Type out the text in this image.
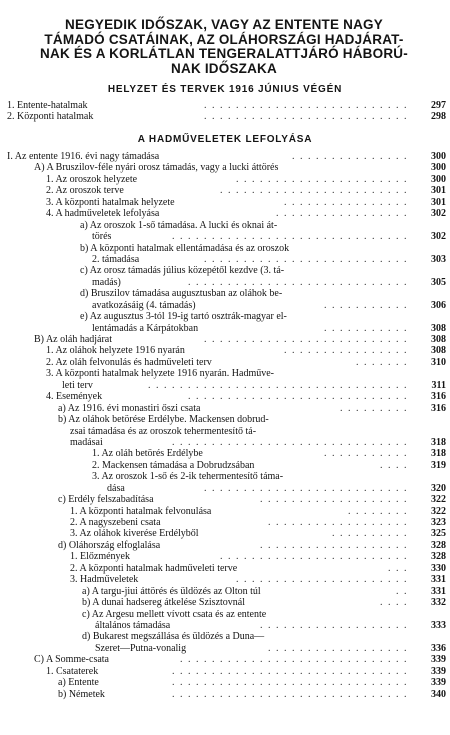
NEGYEDIK IDŐSZAK, VAGY AZ ENTENTE NAGY
TÁMADÓ CSATÁINAK, AZ OLÁHORSZÁGI HADJÁRAT-
NAK ÉS A KORLÁTLAN TENGERALATTJÁRÓ HÁBORÚ-
NAK IDŐSZAKA
HELYZET ÉS TERVEK 1916 JÚNIUS VÉGÉN
1. Entente-hatalmak	..........................	297
2. Központi hatalmak	..........................	298
A HADMŰVELETEK LEFOLYÁSA
I. Az entente 1916. évi nagy támadása	...............	300
A) A Bruszilov-féle nyári orosz támadás, vagy a lucki áttörés	300
1. Az oroszok helyzete	......................	300
2. Az oroszok terve	........................	301
3. A központi hatalmak helyzete	................	301
4. A hadműveletek lefolyása	.................	302
a) Az oroszok 1-ső támadása. A lucki és oknai át-
törés	..............................	302
b) A központi hatalmak ellentámadása és az oroszok
2. támadása	..........................	303
c) Az orosz támadás július közepétől kezdve (3. tá-
madás)	............................	305
d) Bruszilov támadása augusztusban az oláhok be-
avatkozásáig (4. támadás)	...........	306
e) Az augusztus 3-tól 19-ig tartó osztrák-magyar el-
lentámadás a Kárpátokban	...........	308
B) Az oláh hadjárat	..........................	308
1. Az oláhok helyzete 1916 nyarán	................	308
2. Az oláh felvonulás és hadműveleti terv	.......	310
3. A központi hatalmak helyzete 1916 nyarán. Hadműve-
leti terv	.................................	311
4. Események	............................	316
a) Az 1916. évi monastiri őszi csata	.........	316
b) Az oláhok betörése Erdélybe. Mackensen dobrud-
zsai támadása és az oroszok tehermentesítő tá-
madásai	..............................	318
1. Az oláh betörés Erdélybe	...........	318
2. Mackensen támadása a Dobrudzsában	....	319
3. Az oroszok 1-ső és 2-ik tehermentesítő táma-
dása	..........................	320
c) Erdély felszabadítása	...................	322
1. A központi hatalmak felvonulása	........	322
2. A nagyszebeni csata	..................	323
3. Az oláhok kiverése Erdélyből	..........	325
d) Oláhország elfoglalása	...................	328
1. Előzmények	........................	328
2. A központi hatalmak hadműveleti terve	...	330
3. Hadműveletek	......................	331
a) A targu-jiui áttörés és üldözés az Olton túl	..	331
b) A dunai hadsereg átkelése Szisztovnál	....	332
c) Az Argesu mellett vívott csata és az entente
általános támadása	...................	333
d) Bukarest megszállása és üldözés a Duna—
Szeret—Putna-vonalig	..................	336
C) A Somme-csata	.............................	339
1. Csataterek	..............................	339
a) Entente	..............................	339
b) Németek	..............................	340
